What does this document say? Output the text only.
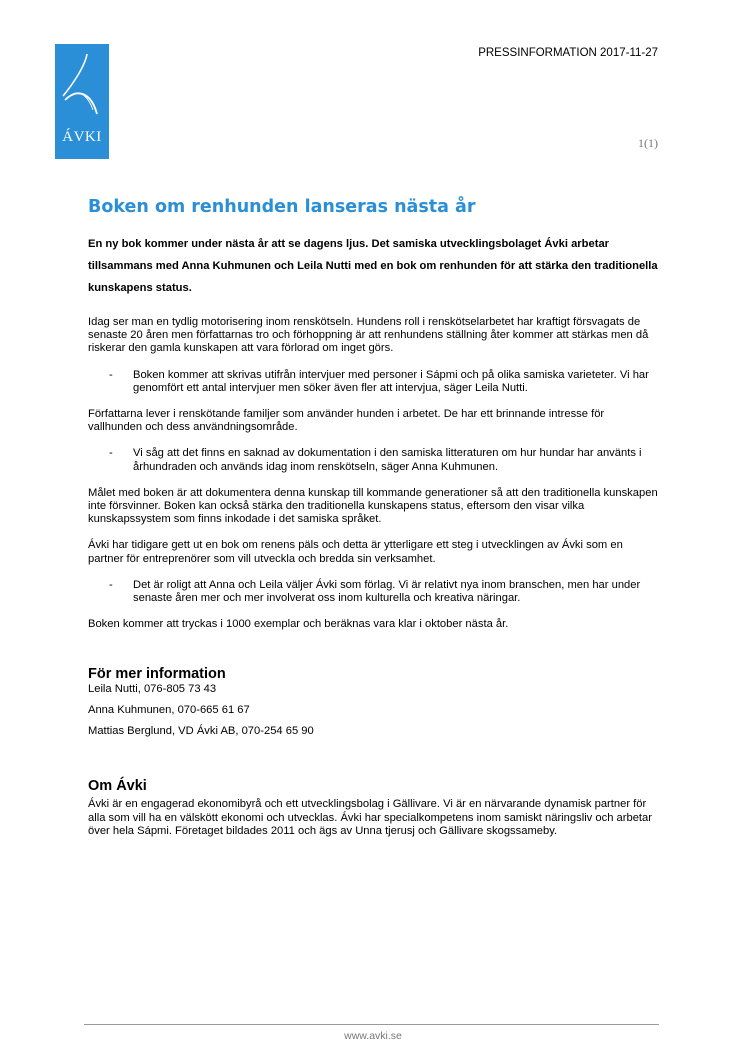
ÁVKI
PRESSINFORMATION 2017-11-27
1(1)
Boken om renhunden lanseras nästa år

En ny bok kommer under nästa år att se dagens ljus. Det samiska utvecklingsbolaget Ávki arbetar tillsammans med Anna Kuhmunen och Leila Nutti med en bok om renhunden för att stärka den traditionella kunskapens status.

Idag ser man en tydlig motorisering inom renskötseln. Hundens roll i renskötselarbetet har kraftigt försvagats de senaste 20 åren men författarnas tro och förhoppning är att renhundens ställning åter kommer att stärkas men då riskerar den gamla kunskapen att vara förlorad om inget görs.

-	Boken kommer att skrivas utifrån intervjuer med personer i Sápmi och på olika samiska varieteter. Vi har genomfört ett antal intervjuer men söker även fler att intervjua, säger Leila Nutti.

Författarna lever i renskötande familjer som använder hunden i arbetet. De har ett brinnande intresse för vallhunden och dess användningsområde.

-	Vi såg att det finns en saknad av dokumentation i den samiska litteraturen om hur hundar har använts i århundraden och används idag inom renskötseln, säger Anna Kuhmunen.

Målet med boken är att dokumentera denna kunskap till kommande generationer så att den traditionella kunskapen inte försvinner. Boken kan också stärka den traditionella kunskapens status, eftersom den visar vilka kunskapssystem som finns inkodade i det samiska språket.

Ávki har tidigare gett ut en bok om renens päls och detta är ytterligare ett steg i utvecklingen av Ávki som en partner för entreprenörer som vill utveckla och bredda sin verksamhet.

-	Det är roligt att Anna och Leila väljer Ávki som förlag. Vi är relativt nya inom branschen, men har under senaste åren mer och mer involverat oss inom kulturella och kreativa näringar.

Boken kommer att tryckas i 1000 exemplar och beräknas vara klar i oktober nästa år.

För mer information
Leila Nutti, 076-805 73 43
Anna Kuhmunen, 070-665 61 67
Mattias Berglund, VD Ávki AB, 070-254 65 90
Om Ávki

Ávki är en engagerad ekonomibyrå och ett utvecklingsbolag i Gällivare. Vi är en närvarande dynamisk partner för alla som vill ha en välskött ekonomi och utvecklas. Ávki har specialkompetens inom samiskt näringsliv och arbetar över hela Sápmi. Företaget bildades 2011 och ägs av Unna tjerusj och Gällivare skogssameby.

www.avki.se
